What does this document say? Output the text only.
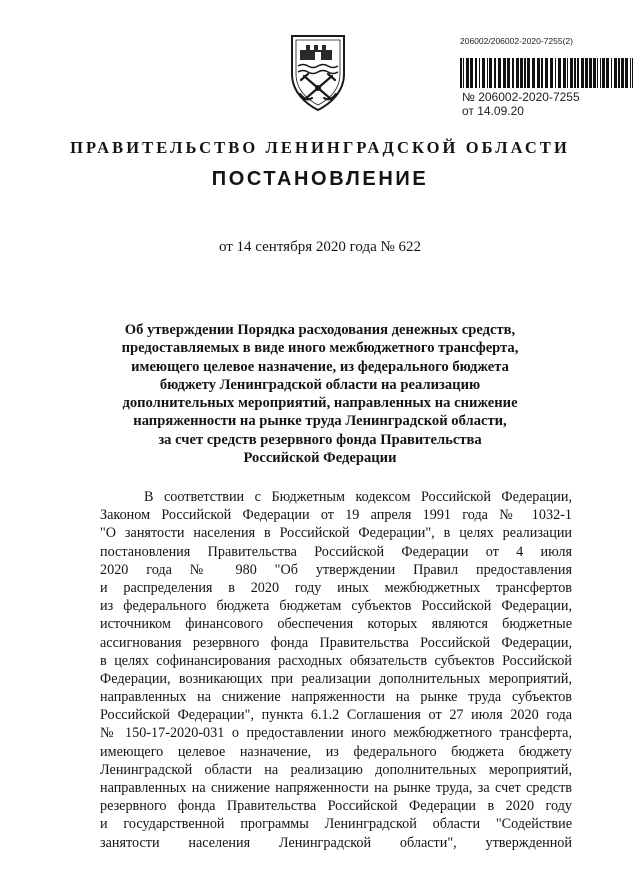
206002/206002-2020-7255(2)
№ 206002-2020-7255
от 14.09.20
ПРАВИТЕЛЬСТВО ЛЕНИНГРАДСКОЙ ОБЛАСТИ
ПОСТАНОВЛЕНИЕ
от 14 сентября 2020 года № 622
Об утверждении Порядка расходования денежных средств,
предоставляемых в виде иного межбюджетного трансферта,
имеющего целевое назначение, из федерального бюджета
бюджету Ленинградской области на реализацию
дополнительных мероприятий, направленных на снижение
напряженности на рынке труда Ленинградской области,
за счет средств резервного фонда Правительства
Российской Федерации
В соответствии с Бюджетным кодексом Российской Федерации,
Законом Российской Федерации от 19 апреля 1991 года № 1032-1
"О занятости населения в Российской Федерации", в целях реализации
постановления Правительства Российской Федерации от 4 июля
2020 года № 980 "Об утверждении Правил предоставления
и распределения в 2020 году иных межбюджетных трансфертов
из федерального бюджета бюджетам субъектов Российской Федерации,
источником финансового обеспечения которых являются бюджетные
ассигнования резервного фонда Правительства Российской Федерации,
в целях софинансирования расходных обязательств субъектов Российской
Федерации, возникающих при реализации дополнительных мероприятий,
направленных на снижение напряженности на рынке труда субъектов
Российской Федерации", пункта 6.1.2 Соглашения от 27 июля 2020 года
№ 150-17-2020-031 о предоставлении иного межбюджетного трансферта,
имеющего целевое назначение, из федерального бюджета бюджету
Ленинградской области на реализацию дополнительных мероприятий,
направленных на снижение напряженности на рынке труда, за счет средств
резервного фонда Правительства Российской Федерации в 2020 году
и государственной программы Ленинградской области "Содействие
занятости населения Ленинградской области", утвержденной
